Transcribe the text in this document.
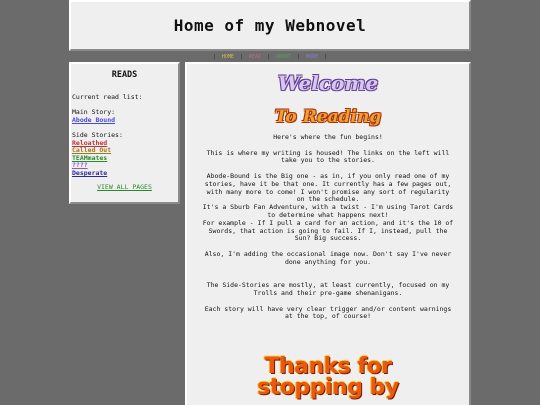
Home of my Webnovel
| HOME | READ | ABOUT | MORE |
READS
Current read list:
Main Story:
Abode Bound
Side Stories:
Reloathed
Called Out
TEAMmates
????
Desperate
VIEW ALL PAGES
Welcome
To Reading

Here's where the fun begins!

This is where my writing is housed! The links on the left will take you to the stories.

Abode-Bound is the Big one - as in, if you only read one of my stories, have it be that one. It currently has a few pages out, with many more to come! I won't promise any sort of regularity on the schedule.

It's a Sburb Fan Adventure, with a twist - I'm using Tarot Cards to determine what happens next!

For example - If I pull a card for an action, and it's the 10 of Swords, that action is going to fail. If I, instead, pull the Sun? Big success.

Also, I'm adding the occasional image now. Don't say I've never done anything for you.

The Side-Stories are mostly, at least currently, focused on my Trolls and their pre-game shenanigans.

Each story will have very clear trigger and/or content warnings at the top, of course!

Thanks for
stopping by
